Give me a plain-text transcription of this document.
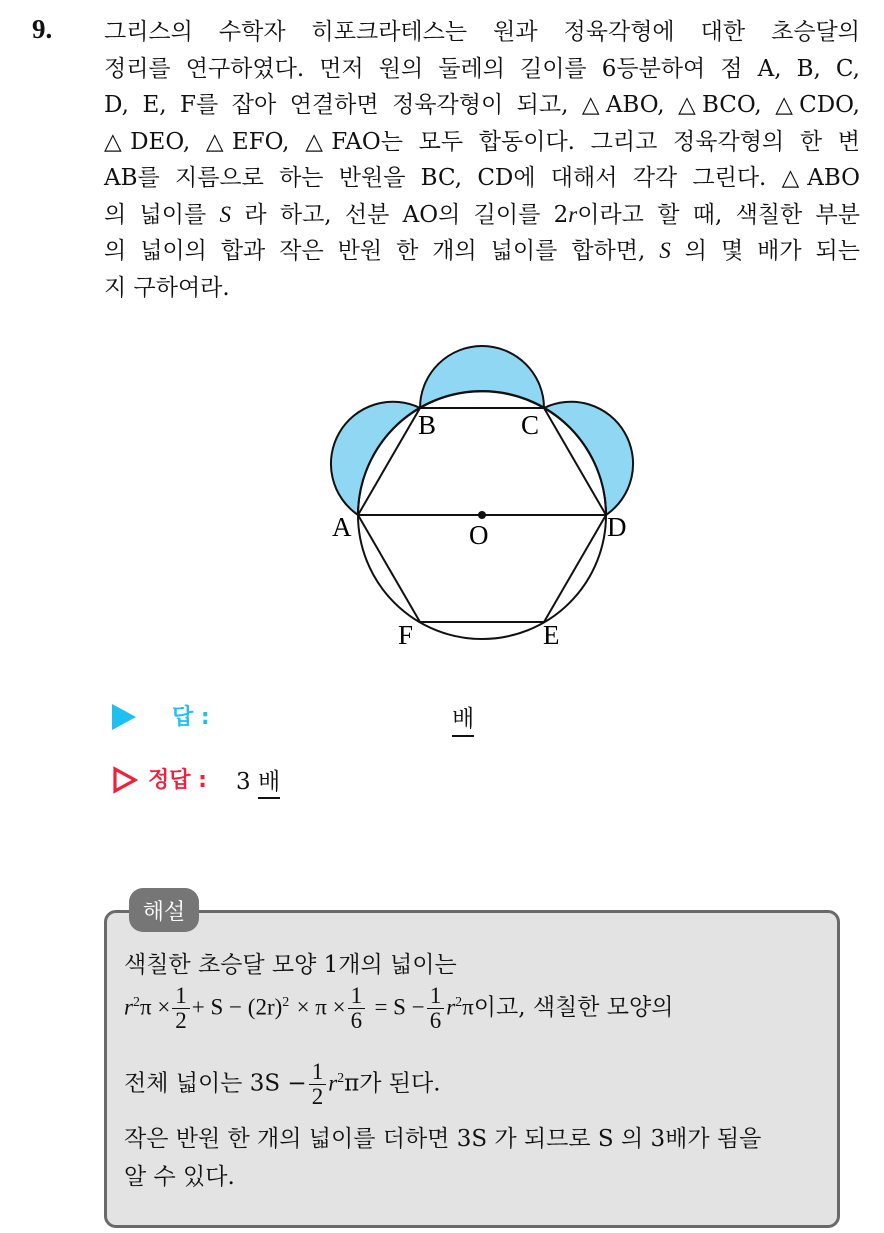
9. 그리스의 수학자 히포크라테스는 원과 정육각형에 대한 초승달의
정리를 연구하였다. 먼저 원의 둘레의 길이를 6등분하여 점 A, B, C,
D, E, F를 잡아 연결하면 정육각형이 되고, △ABO, △BCO, △CDO,
△DEO, △EFO, △FAO는 모두 합동이다. 그리고 정육각형의 한 변
AB를 지름으로 하는 반원을 BC, CD에 대해서 각각 그린다. △ABO
의 넓이를 S 라 하고, 선분 AO의 길이를 2r이라고 할 때, 색칠한 부분
의 넓이의 합과 작은 반원 한 개의 넓이를 합하면, S 의 몇 배가 되는
지 구하여라.
A
B	C
D
E
F
O
답 :	배
정답 : 3 배
해설
색칠한 초승달 모양 1개의 넓이는
$r^2\pi \times \frac{1}{2} + S - (2r)^2 \times \pi \times \frac{1}{6} = S - \frac{1}{6} r^2\pi$이고, 색칠한 모양의
전체 넓이는 $3S - \frac{1}{2} r^2\pi$가 된다.
작은 반원 한 개의 넓이를 더하면 3S 가 되므로 S 의 3배가 됨을
알 수 있다.
